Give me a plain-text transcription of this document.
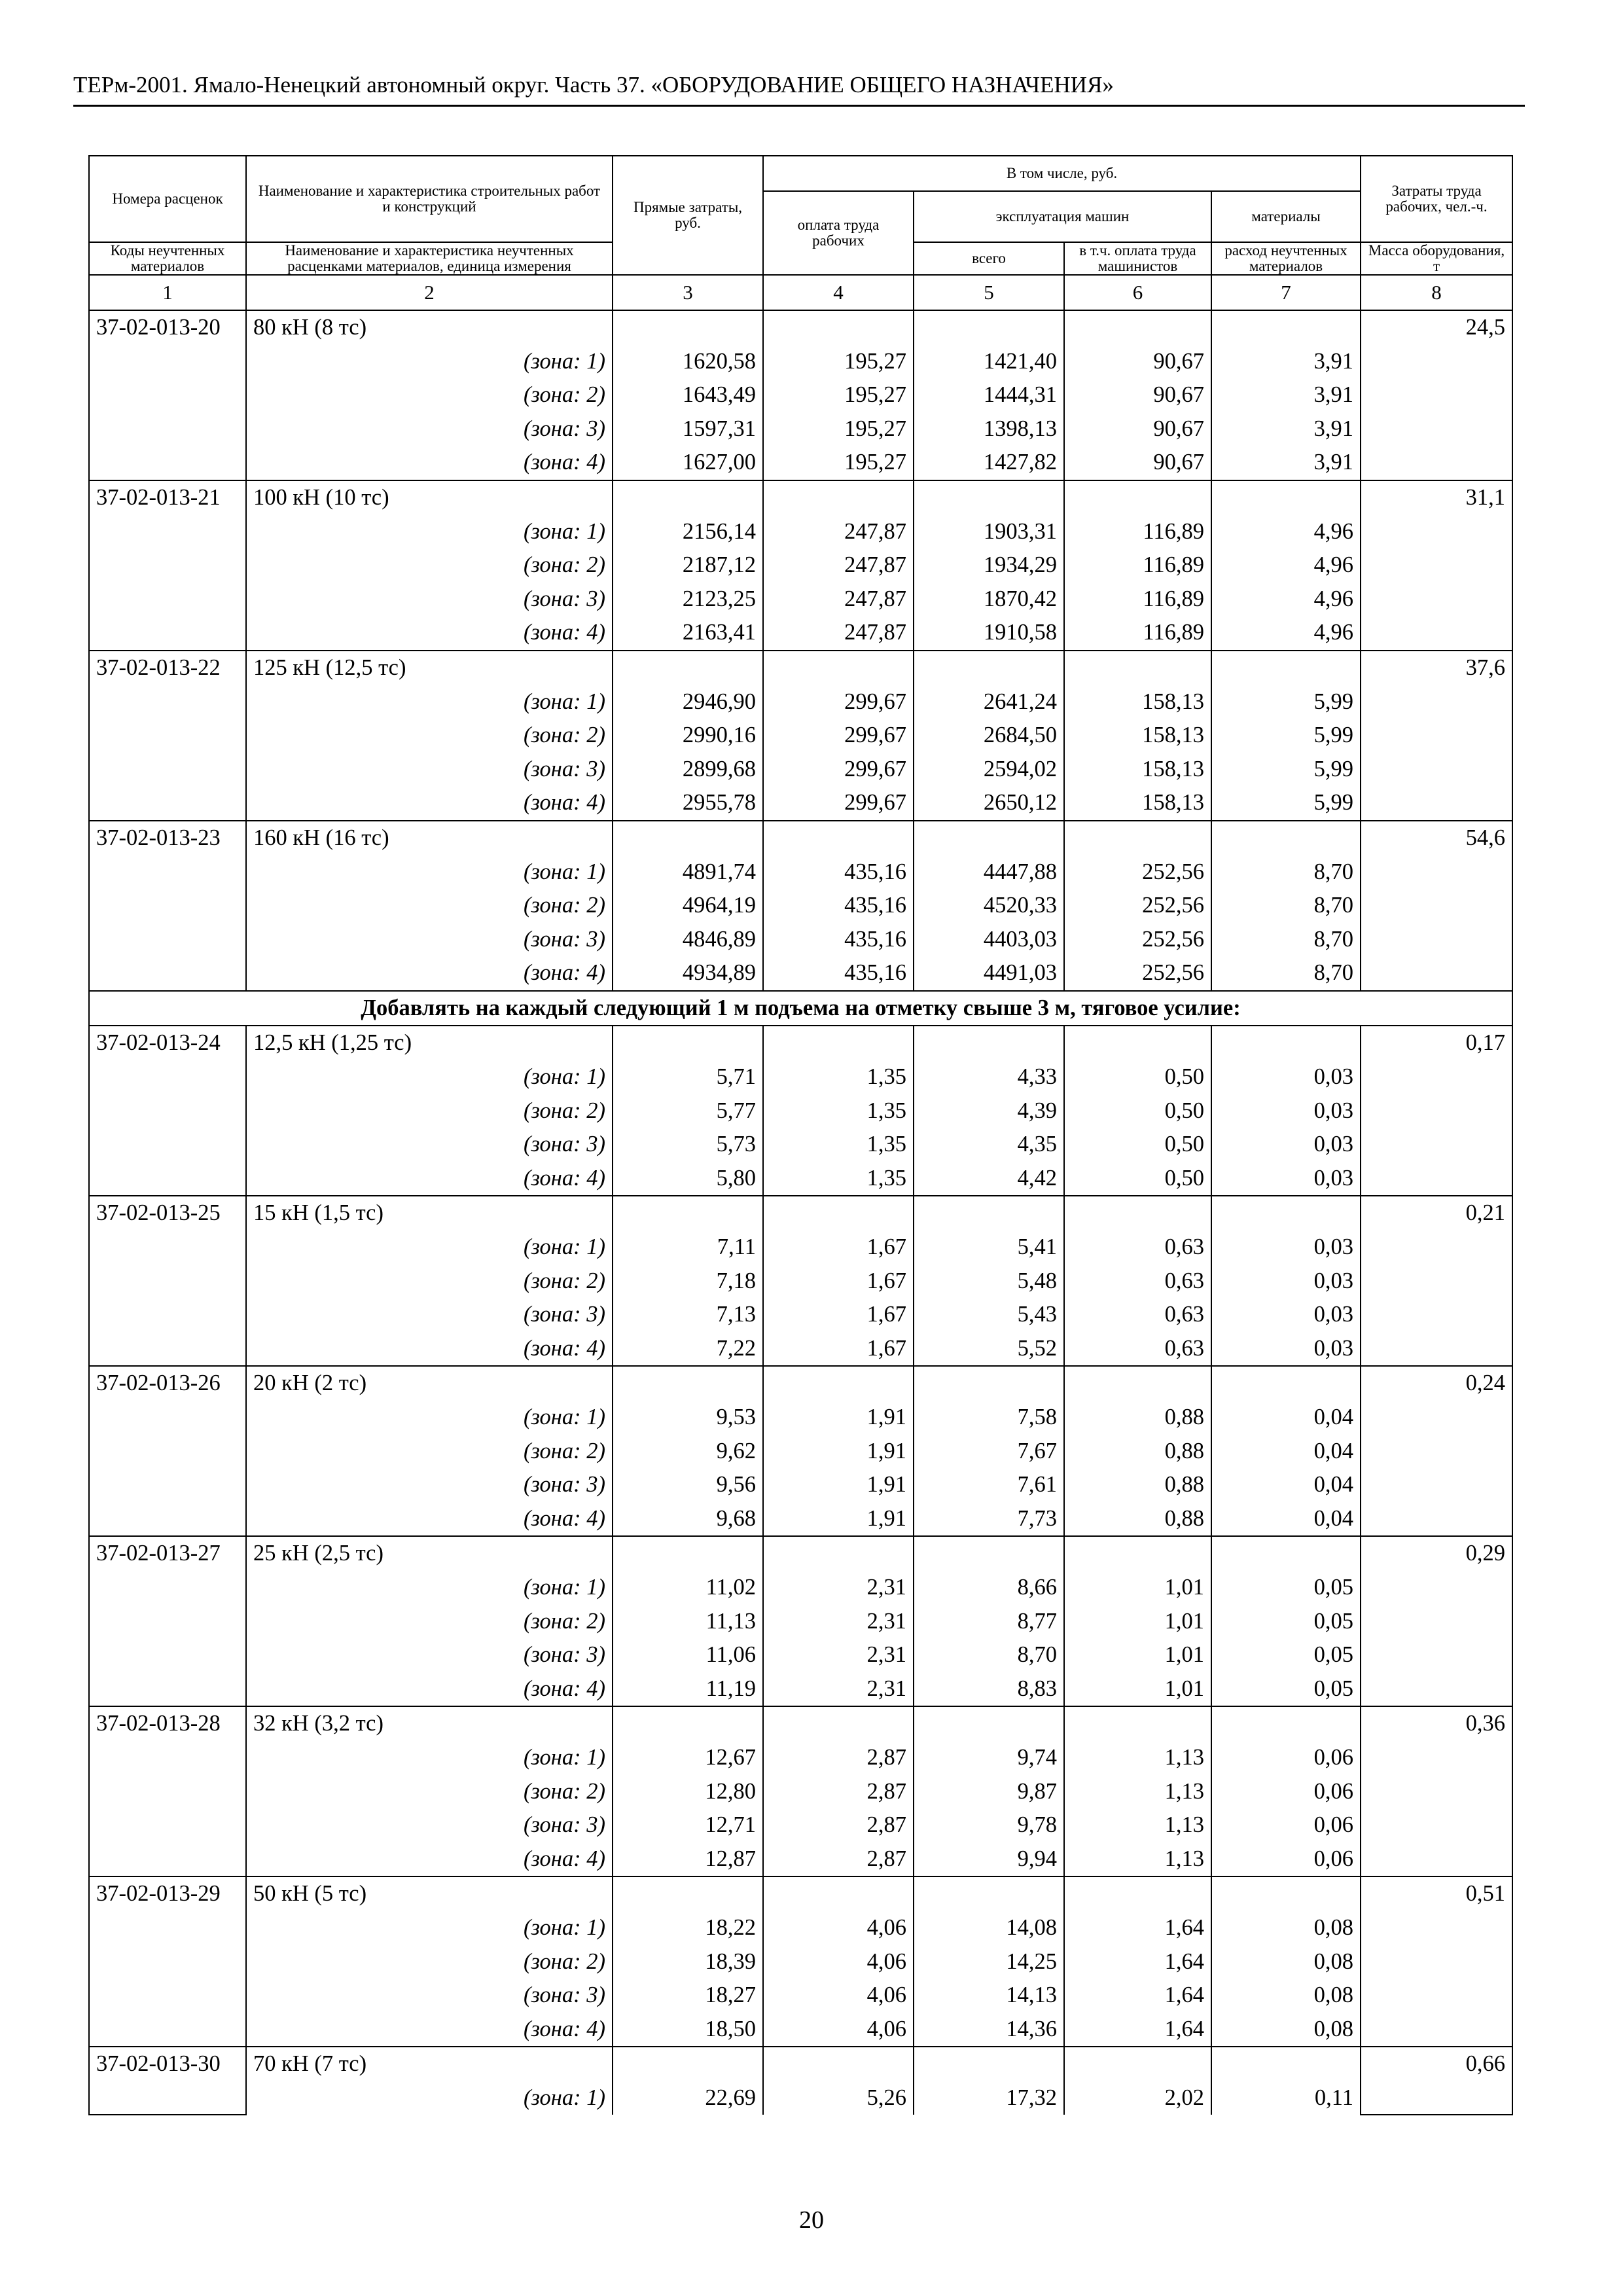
ТЕРм-2001. Ямало-Ненецкий автономный округ. Часть 37. «ОБОРУДОВАНИЕ ОБЩЕГО НАЗНАЧЕНИЯ»
Номера расценок	Наименование и характеристика строительных работ и конструкций	Прямые затраты, руб.	В том числе, руб.				Затраты труда рабочих, чел.-ч.
			оплата труда рабочих	эксплуатация машин		материалы	
Коды неучтенных материалов	Наименование и характеристика неучтенных расценками материалов, единица измерения			всего	в т.ч. оплата труда машинистов	расход неучтенных материалов	Масса оборудования, т

1	2	3	4	5	6	7	8
37-02-013-20	80 кН (8 тс)						24,5
	(зона: 1)	1620,58	195,27	1421,40	90,67	3,91	
	(зона: 2)	1643,49	195,27	1444,31	90,67	3,91	
	(зона: 3)	1597,31	195,27	1398,13	90,67	3,91	
	(зона: 4)	1627,00	195,27	1427,82	90,67	3,91	
37-02-013-21	100 кН (10 тс)						31,1
	(зона: 1)	2156,14	247,87	1903,31	116,89	4,96	
	(зона: 2)	2187,12	247,87	1934,29	116,89	4,96	
	(зона: 3)	2123,25	247,87	1870,42	116,89	4,96	
	(зона: 4)	2163,41	247,87	1910,58	116,89	4,96	
37-02-013-22	125 кН (12,5 тс)						37,6
	(зона: 1)	2946,90	299,67	2641,24	158,13	5,99	
	(зона: 2)	2990,16	299,67	2684,50	158,13	5,99	
	(зона: 3)	2899,68	299,67	2594,02	158,13	5,99	
	(зона: 4)	2955,78	299,67	2650,12	158,13	5,99	
37-02-013-23	160 кН (16 тс)						54,6
	(зона: 1)	4891,74	435,16	4447,88	252,56	8,70	
	(зона: 2)	4964,19	435,16	4520,33	252,56	8,70	
	(зона: 3)	4846,89	435,16	4403,03	252,56	8,70	
	(зона: 4)	4934,89	435,16	4491,03	252,56	8,70	
Добавлять на каждый следующий 1 м подъема на отметку свыше 3 м, тяговое усилие:							
37-02-013-24	12,5 кН (1,25 тс)						0,17
	(зона: 1)	5,71	1,35	4,33	0,50	0,03	
	(зона: 2)	5,77	1,35	4,39	0,50	0,03	
	(зона: 3)	5,73	1,35	4,35	0,50	0,03	
	(зона: 4)	5,80	1,35	4,42	0,50	0,03	
37-02-013-25	15 кН (1,5 тс)						0,21
	(зона: 1)	7,11	1,67	5,41	0,63	0,03	
	(зона: 2)	7,18	1,67	5,48	0,63	0,03	
	(зона: 3)	7,13	1,67	5,43	0,63	0,03	
	(зона: 4)	7,22	1,67	5,52	0,63	0,03	
37-02-013-26	20 кН (2 тс)						0,24
	(зона: 1)	9,53	1,91	7,58	0,88	0,04	
	(зона: 2)	9,62	1,91	7,67	0,88	0,04	
	(зона: 3)	9,56	1,91	7,61	0,88	0,04	
	(зона: 4)	9,68	1,91	7,73	0,88	0,04	
37-02-013-27	25 кН (2,5 тс)						0,29
	(зона: 1)	11,02	2,31	8,66	1,01	0,05	
	(зона: 2)	11,13	2,31	8,77	1,01	0,05	
	(зона: 3)	11,06	2,31	8,70	1,01	0,05	
	(зона: 4)	11,19	2,31	8,83	1,01	0,05	
37-02-013-28	32 кН (3,2 тс)						0,36
	(зона: 1)	12,67	2,87	9,74	1,13	0,06	
	(зона: 2)	12,80	2,87	9,87	1,13	0,06	
	(зона: 3)	12,71	2,87	9,78	1,13	0,06	
	(зона: 4)	12,87	2,87	9,94	1,13	0,06	
37-02-013-29	50 кН (5 тс)						0,51
	(зона: 1)	18,22	4,06	14,08	1,64	0,08	
	(зона: 2)	18,39	4,06	14,25	1,64	0,08	
	(зона: 3)	18,27	4,06	14,13	1,64	0,08	
	(зона: 4)	18,50	4,06	14,36	1,64	0,08	
37-02-013-30	70 кН (7 тс)						0,66
	(зона: 1)	22,69	5,26	17,32	2,02	0,11	
20
